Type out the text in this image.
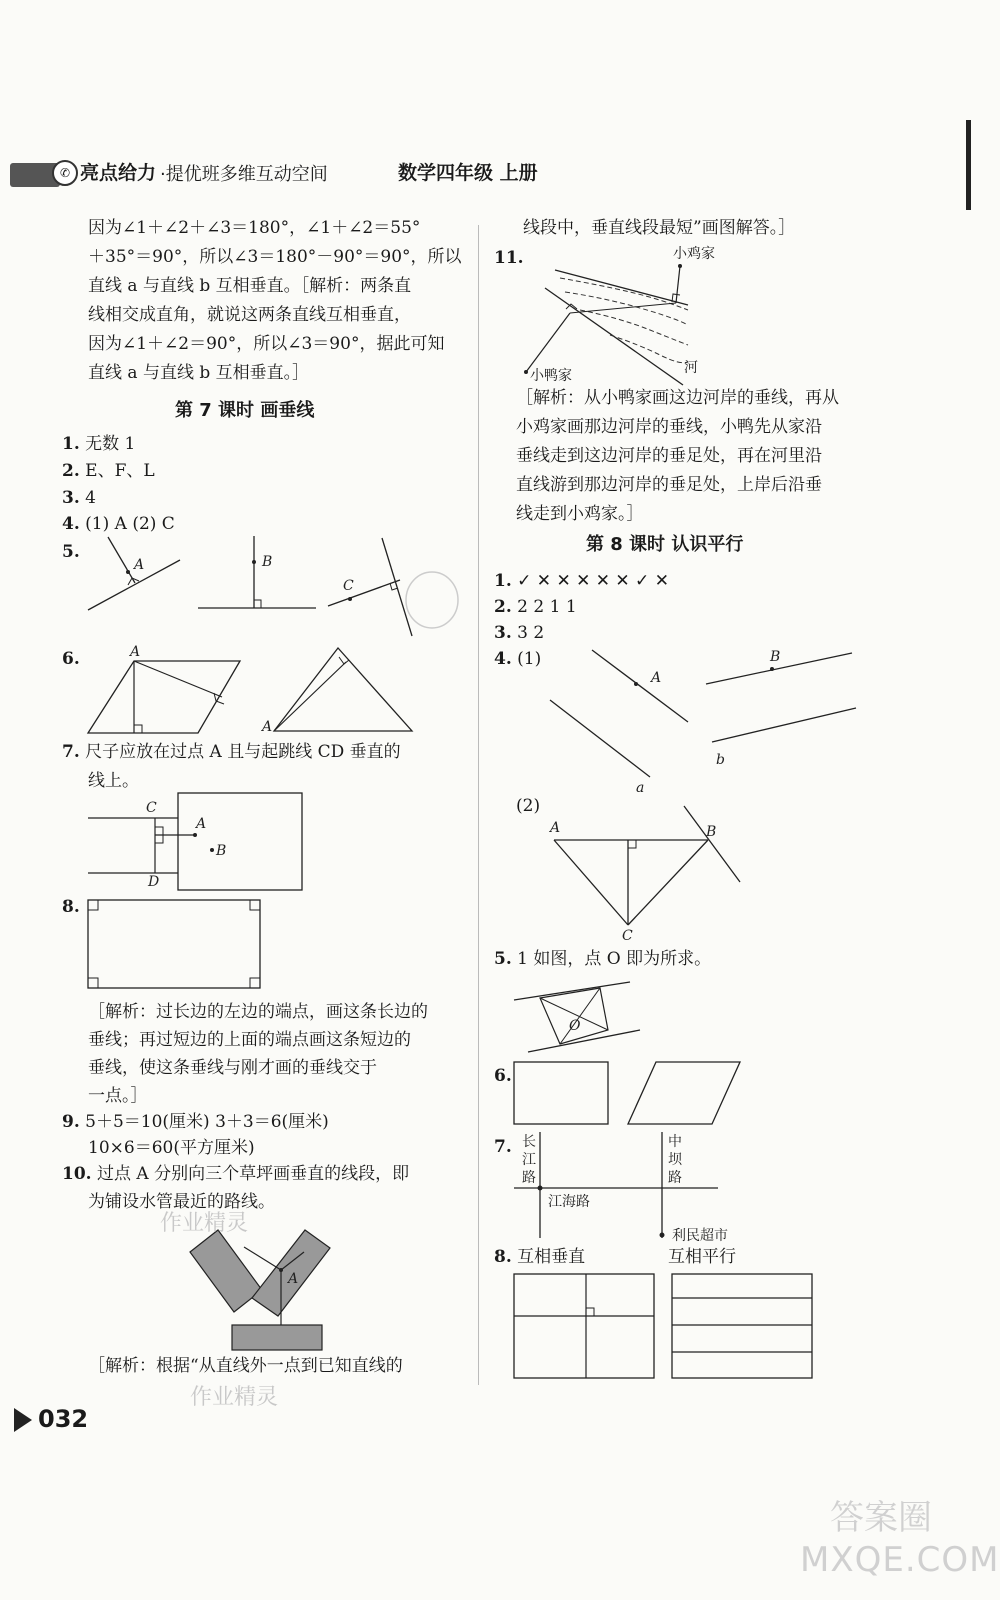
✆ 亮点给力 ·提优班多维互动空间	数学四年级 上册
因为∠1＋∠2＋∠3＝180°，∠1＋∠2＝55°
＋35°＝90°，所以∠3＝180°－90°＝90°，所以
直线 a 与直线 b 互相垂直。［解析：两条直
线相交成直角，就说这两条直线互相垂直，
因为∠1＋∠2＝90°，所以∠3＝90°，据此可知
直线 a 与直线 b 互相垂直。］
第 7 课时 画垂线
1. 无数 1
2. E、F、L
3. 4
4. (1) A (2) C
5.
A	B
C
6.	A
A
7. 尺子应放在过点 A 且与起跳线 CD 垂直的
线上。
C
A
B
D
8.
［解析：过长边的左边的端点，画这条长边的
垂线；再过短边的上面的端点画这条短边的
垂线，使这条垂线与刚才画的垂线交于
一点。］
9. 5＋5＝10(厘米) 3＋3＝6(厘米)
10×6＝60(平方厘米)
10. 过点 A 分别向三个草坪画垂直的线段，即
为铺设水管最近的路线。
A
［解析：根据“从直线外一点到已知直线的
032
线段中，垂直线段最短”画图解答。］
11.	小鸡家
小鸭家	河
［解析：从小鸭家画这边河岸的垂线，再从
小鸡家画那边河岸的垂线，小鸭先从家沿
垂线走到这边河岸的垂足处，再在河里沿
直线游到那边河岸的垂足处，上岸后沿垂
线走到小鸡家。］
第 8 课时 认识平行
1. ✓ ✕ ✕ ✕ ✕ ✕ ✓ ✕
2. 2 2 1 1
3. 3 2
4. (1)
A
B
a
b
(2)
A	B
C
5. 1 如图，点 O 即为所求。
O
6.
7. 长
江
路
中
坝
路
江海路
利民超市
8. 互相垂直	互相平行
作业精灵
作业精灵
答案圈
MXQE.COM
